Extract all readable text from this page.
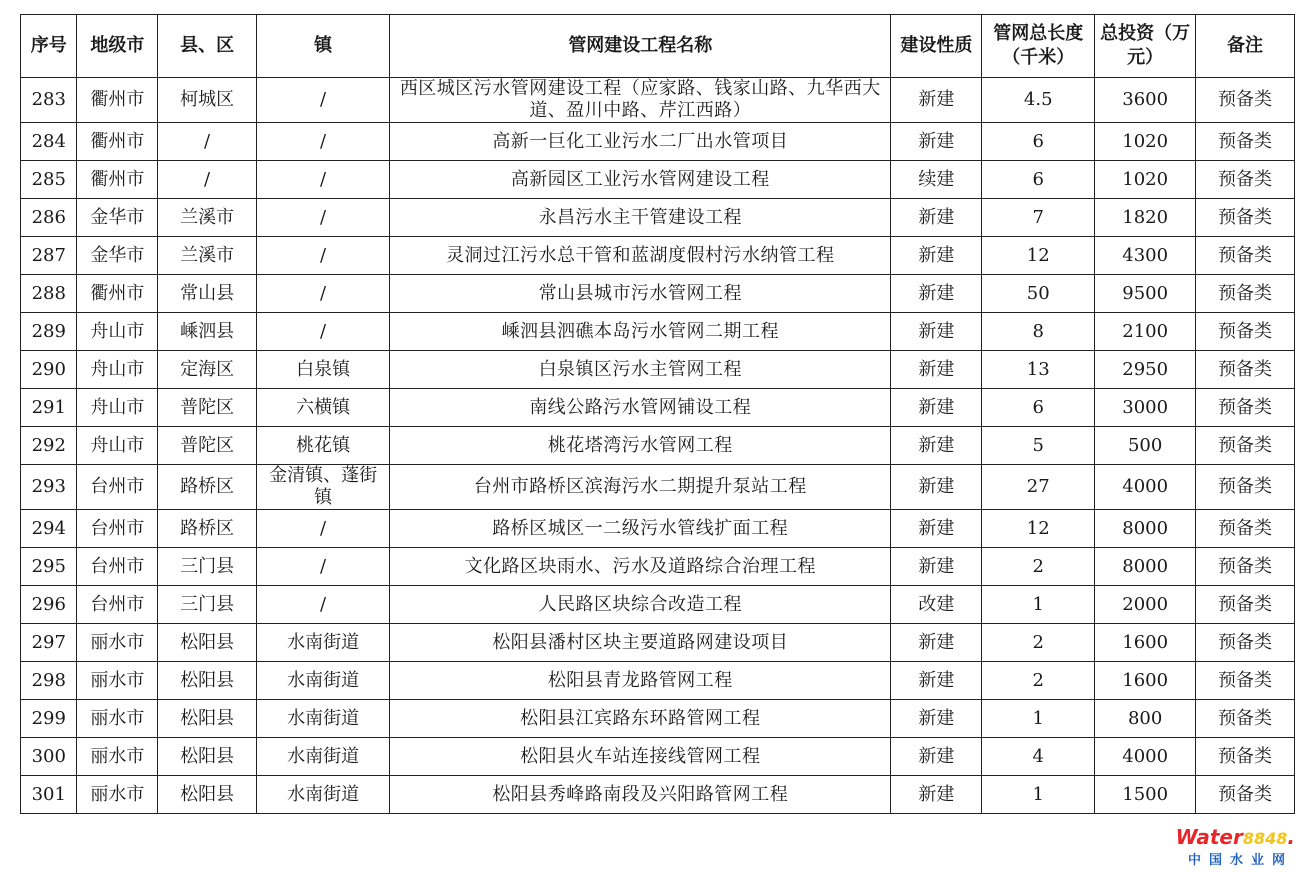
序号	地级市	县、区	镇	管网建设工程名称	建设性质	管网总长度（千米）	总投资（万元）	备注
283	衢州市	柯城区	/	西区城区污水管网建设工程（应家路、钱家山路、九华西大道、盈川中路、芹江西路）	新建	4.5	3600	预备类
284	衢州市	/	/	高新一巨化工业污水二厂出水管项目	新建	6	1020	预备类
285	衢州市	/	/	高新园区工业污水管网建设工程	续建	6	1020	预备类
286	金华市	兰溪市	/	永昌污水主干管建设工程	新建	7	1820	预备类
287	金华市	兰溪市	/	灵洞过江污水总干管和蓝湖度假村污水纳管工程	新建	12	4300	预备类
288	衢州市	常山县	/	常山县城市污水管网工程	新建	50	9500	预备类
289	舟山市	嵊泗县	/	嵊泗县泗礁本岛污水管网二期工程	新建	8	2100	预备类
290	舟山市	定海区	白泉镇	白泉镇区污水主管网工程	新建	13	2950	预备类
291	舟山市	普陀区	六横镇	南线公路污水管网铺设工程	新建	6	3000	预备类
292	舟山市	普陀区	桃花镇	桃花塔湾污水管网工程	新建	5	500	预备类
293	台州市	路桥区	金清镇、蓬街镇	台州市路桥区滨海污水二期提升泵站工程	新建	27	4000	预备类
294	台州市	路桥区	/	路桥区城区一二级污水管线扩面工程	新建	12	8000	预备类
295	台州市	三门县	/	文化路区块雨水、污水及道路综合治理工程	新建	2	8000	预备类
296	台州市	三门县	/	人民路区块综合改造工程	改建	1	2000	预备类
297	丽水市	松阳县	水南街道	松阳县潘村区块主要道路网建设项目	新建	2	1600	预备类
298	丽水市	松阳县	水南街道	松阳县青龙路管网工程	新建	2	1600	预备类
299	丽水市	松阳县	水南街道	松阳县江宾路东环路管网工程	新建	1	800	预备类
300	丽水市	松阳县	水南街道	松阳县火车站连接线管网工程	新建	4	4000	预备类
301	丽水市	松阳县	水南街道	松阳县秀峰路南段及兴阳路管网工程	新建	1	1500	预备类
Water8848.
中国水业网
